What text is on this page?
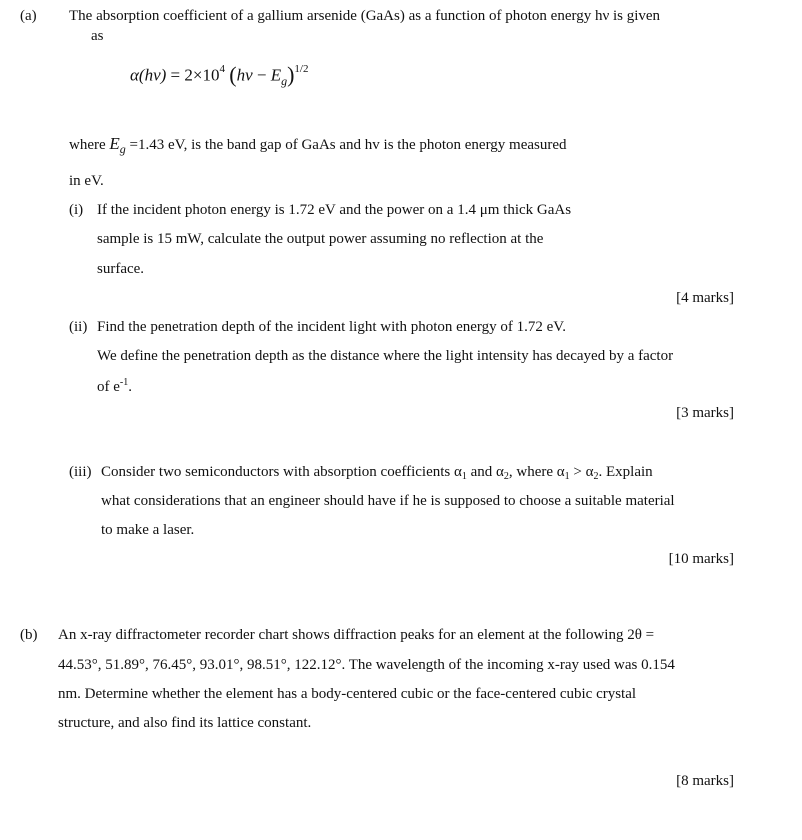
(a) The absorption coefficient of a gallium arsenide (GaAs) as a function of photon energy hν is given
as
$\alpha(h\nu) = 2\times 10^4$ $(h\nu - E_g)^{1/2}$
where $E_g =1.43$ eV, is the band gap of GaAs and hv is the photon energy measured
in eV.
(i) If the incident photon energy is 1.72 eV and the power on a 1.4 μm thick GaAs
sample is 15 mW, calculate the output power assuming no reflection at the
surface.
[4 marks]
(ii) Find the penetration depth of the incident light with photon energy of 1.72 eV.
We define the penetration depth as the distance where the light intensity has decayed by a factor
of $e^{-1}$.
[3 marks]
(iii) Consider two semiconductors with absorption coefficients $\alpha_1$ and $\alpha_2$, where $\alpha_1 > \alpha_2$. Explain
what considerations that an engineer should have if he is supposed to choose a suitable material
to make a laser.
[10 marks]
(b) An x-ray diffractometer recorder chart shows diffraction peaks for an element at the following 2θ =
44.53°, 51.89°, 76.45°, 93.01°, 98.51°, 122.12°. The wavelength of the incoming x-ray used was 0.154
nm. Determine whether the element has a body-centered cubic or the face-centered cubic crystal
structure, and also find its lattice constant.
[8 marks]
